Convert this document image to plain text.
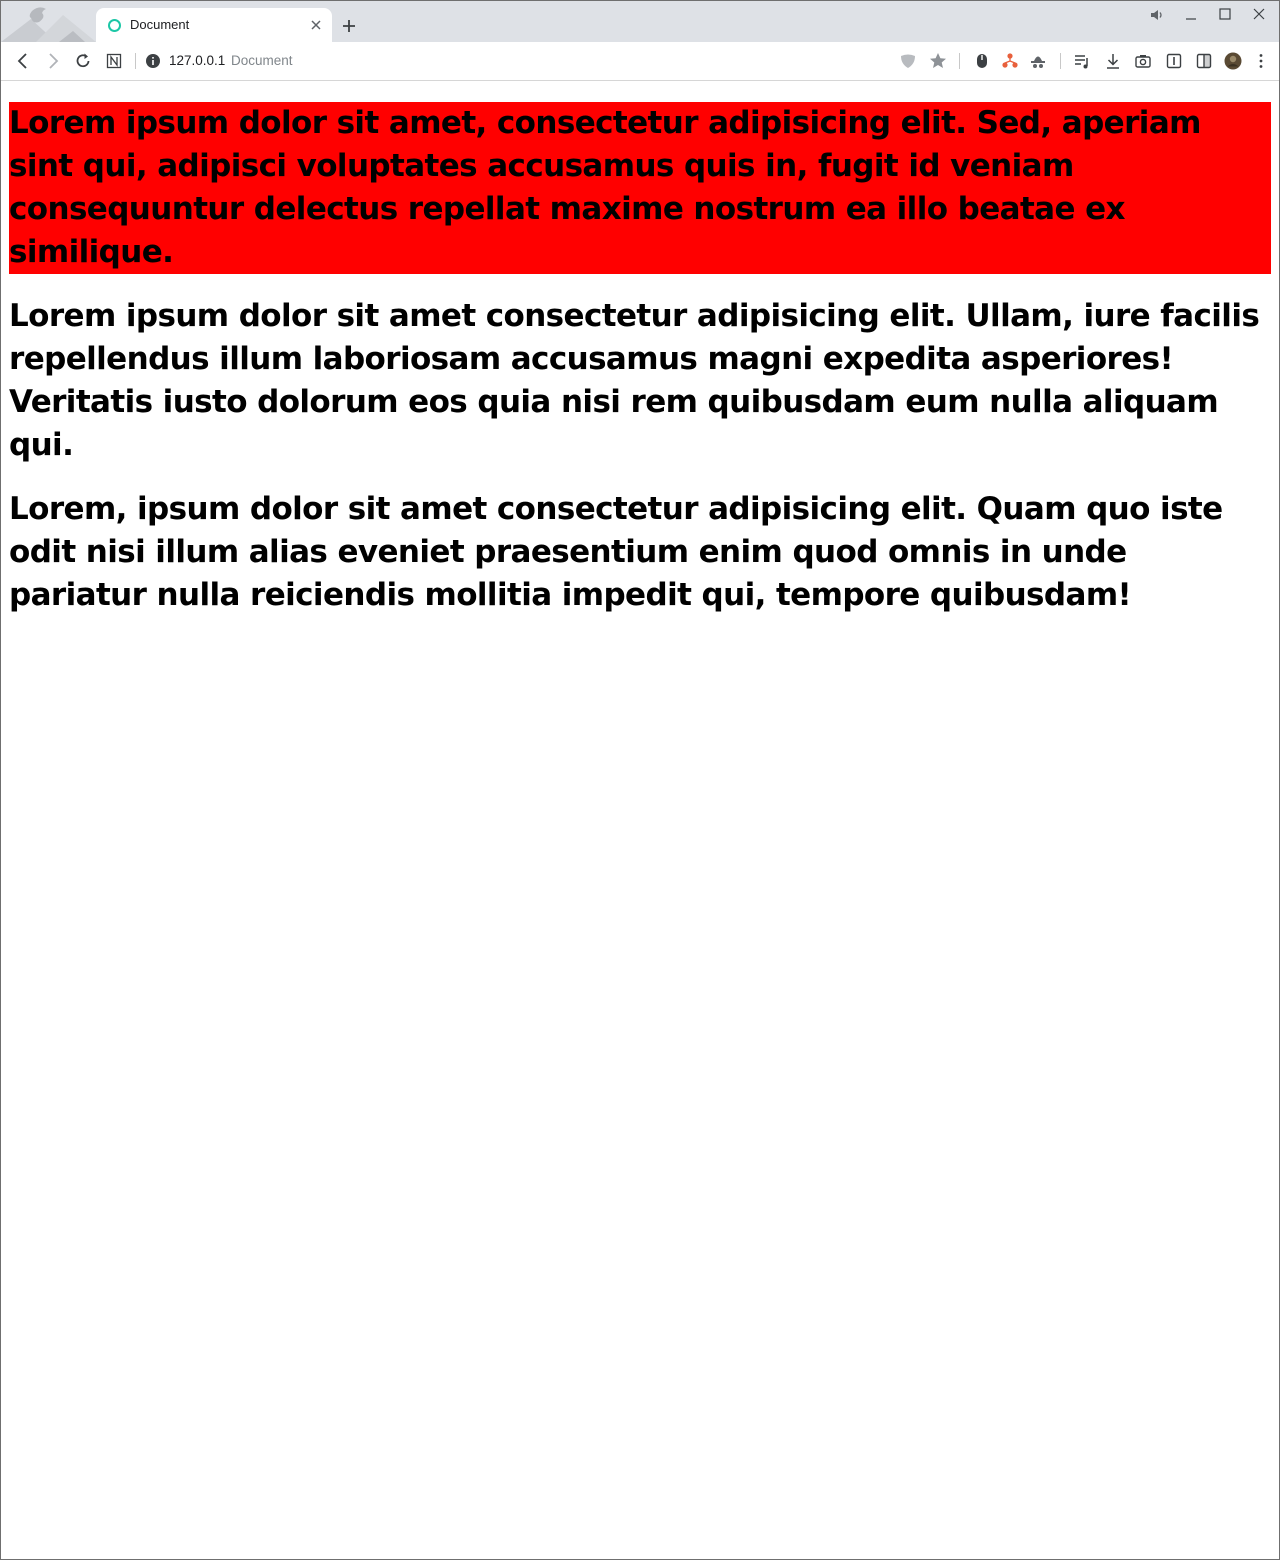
Document
127.0.0.1 Document

Lorem ipsum dolor sit amet, consectetur adipisicing elit. Sed, aperiam sint qui, adipisci voluptates accusamus quis in, fugit id veniam consequuntur delectus repellat maxime nostrum ea illo beatae ex similique.

Lorem ipsum dolor sit amet consectetur adipisicing elit. Ullam, iure facilis repellendus illum laboriosam accusamus magni expedita asperiores! Veritatis iusto dolorum eos quia nisi rem quibusdam eum nulla aliquam qui.

Lorem, ipsum dolor sit amet consectetur adipisicing elit. Quam quo iste odit nisi illum alias eveniet praesentium enim quod omnis in unde pariatur nulla reiciendis mollitia impedit qui, tempore quibusdam!
